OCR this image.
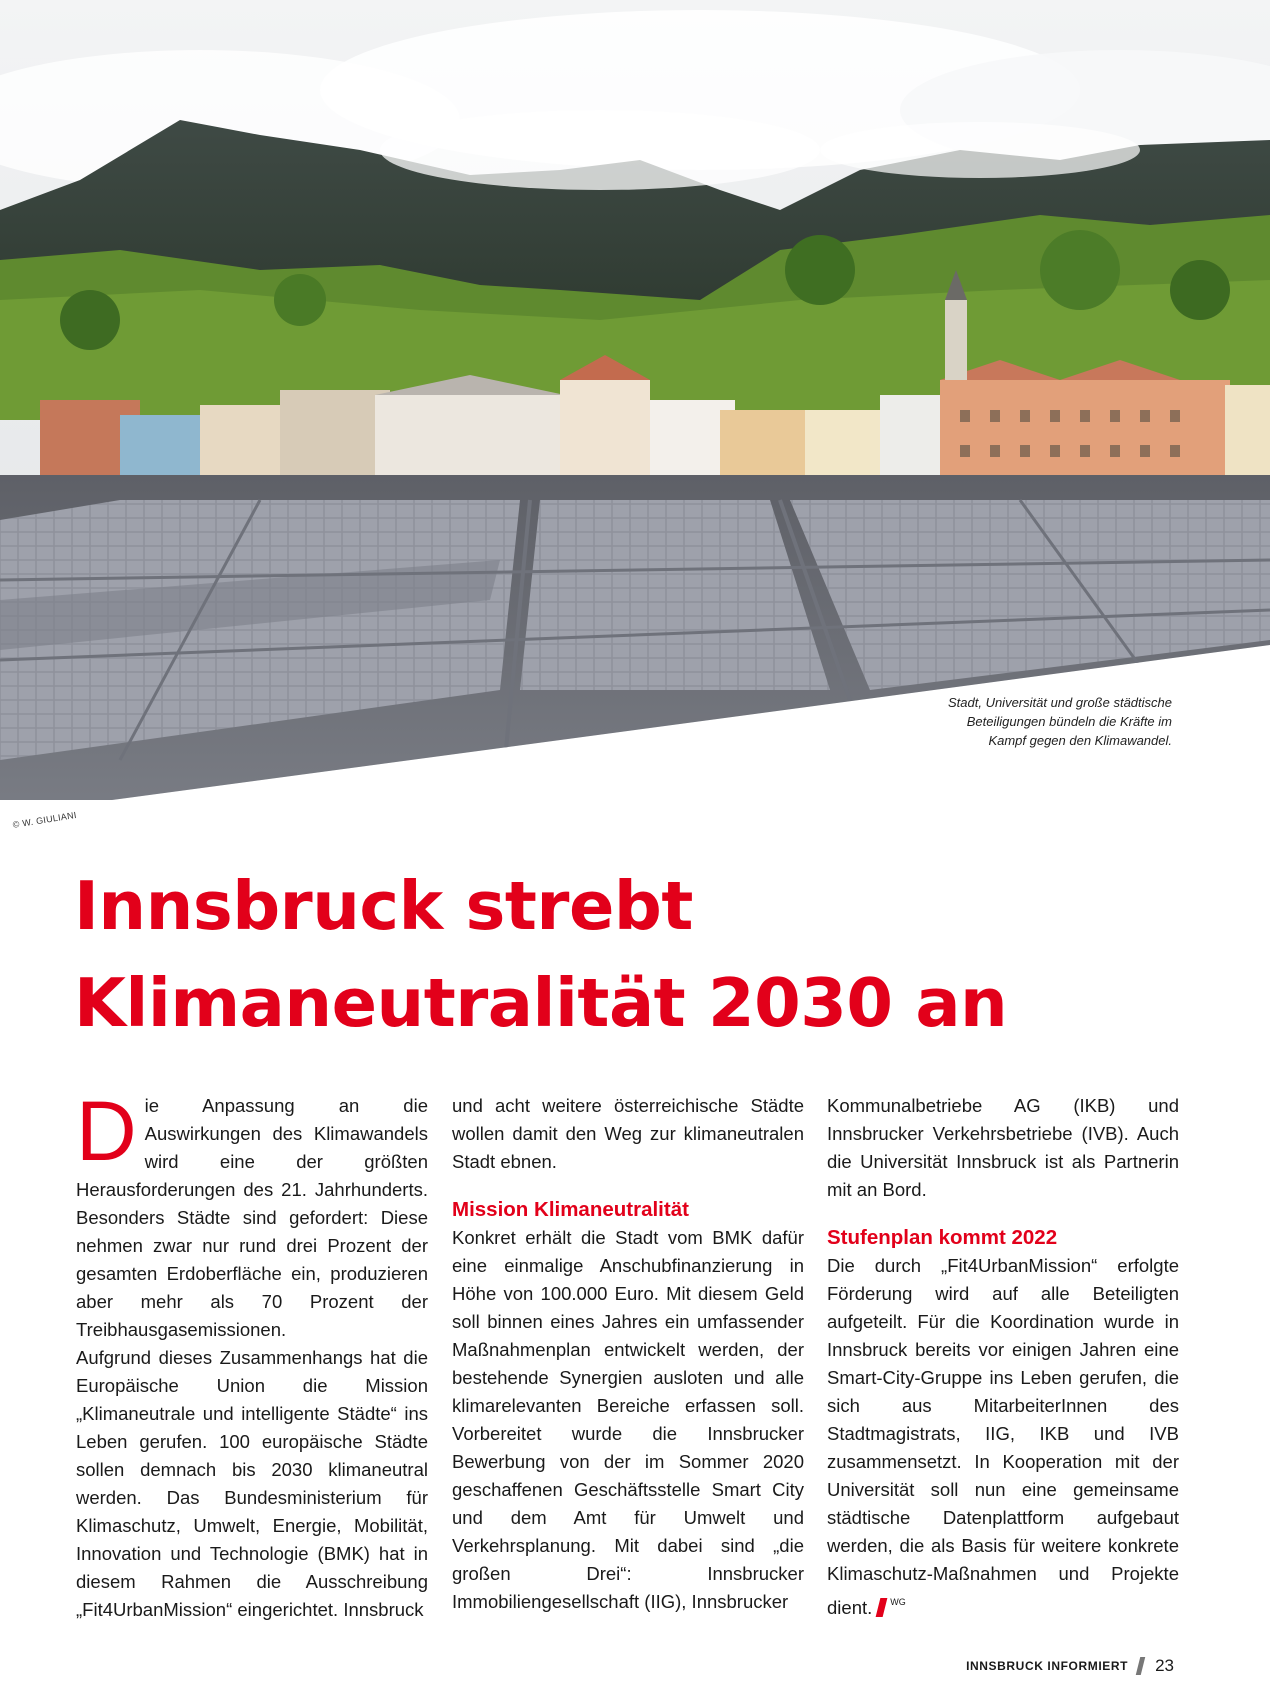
Stadt, Universität und große städtische Beteiligungen bündeln die Kräfte im Kampf gegen den Klimawandel.
© W. GIULIANI
Innsbruck strebt
Klimaneutralität 2030 an

Die Anpassung an die Auswirkungen des Klimawandels wird eine der größten Herausforderungen des 21. Jahrhunderts. Besonders Städte sind gefordert: Diese nehmen zwar nur rund drei Prozent der gesamten Erdoberfläche ein, produzieren aber mehr als 70 Prozent der Treibhausgasemissionen.

Aufgrund dieses Zusammenhangs hat die Europäische Union die Mission „Klimaneutrale und intelligente Städte“ ins Leben gerufen. 100 europäische Städte sollen demnach bis 2030 klimaneutral werden. Das Bundesministerium für Klimaschutz, Umwelt, Energie, Mobilität, Innovation und Technologie (BMK) hat in diesem Rahmen die Ausschreibung „Fit4UrbanMission“ eingerichtet. Innsbruck

und acht weitere österreichische Städte wollen damit den Weg zur klimaneutralen Stadt ebnen.

Mission Klimaneutralität

Konkret erhält die Stadt vom BMK dafür eine einmalige Anschubfinanzierung in Höhe von 100.000 Euro. Mit diesem Geld soll binnen eines Jahres ein umfassender Maßnahmenplan entwickelt werden, der bestehende Synergien ausloten und alle klimarelevanten Bereiche erfassen soll. Vorbereitet wurde die Innsbrucker Bewerbung von der im Sommer 2020 geschaffenen Geschäftsstelle Smart City und dem Amt für Umwelt und Verkehrsplanung. Mit dabei sind „die großen Drei“: Innsbrucker Immobiliengesellschaft (IIG), Innsbrucker

Kommunalbetriebe AG (IKB) und Innsbrucker Verkehrsbetriebe (IVB). Auch die Universität Innsbruck ist als Partnerin mit an Bord.

Stufenplan kommt 2022

Die durch „Fit4UrbanMission“ erfolgte Förderung wird auf alle Beteiligten aufgeteilt. Für die Koordination wurde in Innsbruck bereits vor einigen Jahren eine Smart-City-Gruppe ins Leben gerufen, die sich aus MitarbeiterInnen des Stadtmagistrats, IIG, IKB und IVB zusammensetzt. In Kooperation mit der Universität soll nun eine gemeinsame städtische Datenplattform aufgebaut werden, die als Basis für weitere konkrete Klimaschutz-Maßnahmen und Projekte dient. $^{WG}$

INNSBRUCK INFORMIERT 23
